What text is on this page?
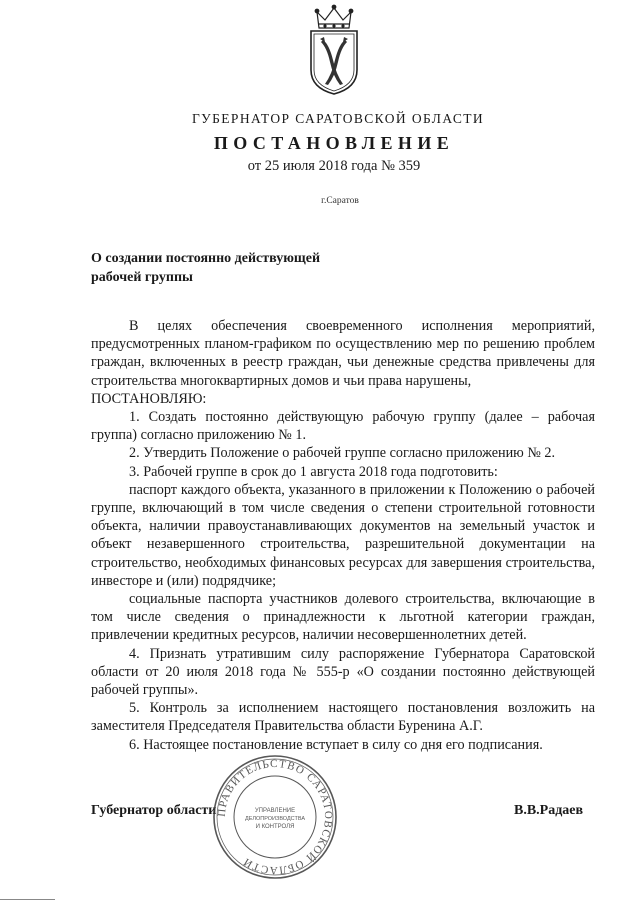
ГУБЕРНАТОР САРАТОВСКОЙ ОБЛАСТИ
ПОСТАНОВЛЕНИЕ
от 25 июля 2018 года № 359
г.Саратов
О создании постоянно действующей
рабочей группы

В целях обеспечения своевременного исполнения мероприятий, предусмотренных планом-графиком по осуществлению мер по решению проблем граждан, включенных в реестр граждан, чьи денежные средства привлечены для строительства многоквартирных домов и чьи права нарушены,

ПОСТАНОВЛЯЮ:

1. Создать постоянно действующую рабочую группу (далее – рабочая группа) согласно приложению № 1.

2. Утвердить Положение о рабочей группе согласно приложению № 2.

3. Рабочей группе в срок до 1 августа 2018 года подготовить:

паспорт каждого объекта, указанного в приложении к Положению о рабочей группе, включающий в том числе сведения о степени строительной готовности объекта, наличии правоустанавливающих документов на земельный участок и объект незавершенного строительства, разрешительной документации на строительство, необходимых финансовых ресурсах для завершения строительства, инвесторе и (или) подрядчике;

социальные паспорта участников долевого строительства, включающие в том числе сведения о принадлежности к льготной категории граждан, привлечении кредитных ресурсов, наличии несовершеннолетних детей.

4. Признать утратившим силу распоряжение Губернатора Саратовской области от 20 июля 2018 года № 555-р «О создании постоянно действующей рабочей группы».

5. Контроль за исполнением настоящего постановления возложить на заместителя Председателя Правительства области Буренина А.Г.

6. Настоящее постановление вступает в силу со дня его подписания.

Губернатор области	В.В.Радаев
ПРАВИТЕЛЬСТВО САРАТОВСКОЙ ОБЛАСТИ
УПРАВЛЕНИЕ
ДЕЛОПРОИЗВОДСТВА
И КОНТРОЛЯ
